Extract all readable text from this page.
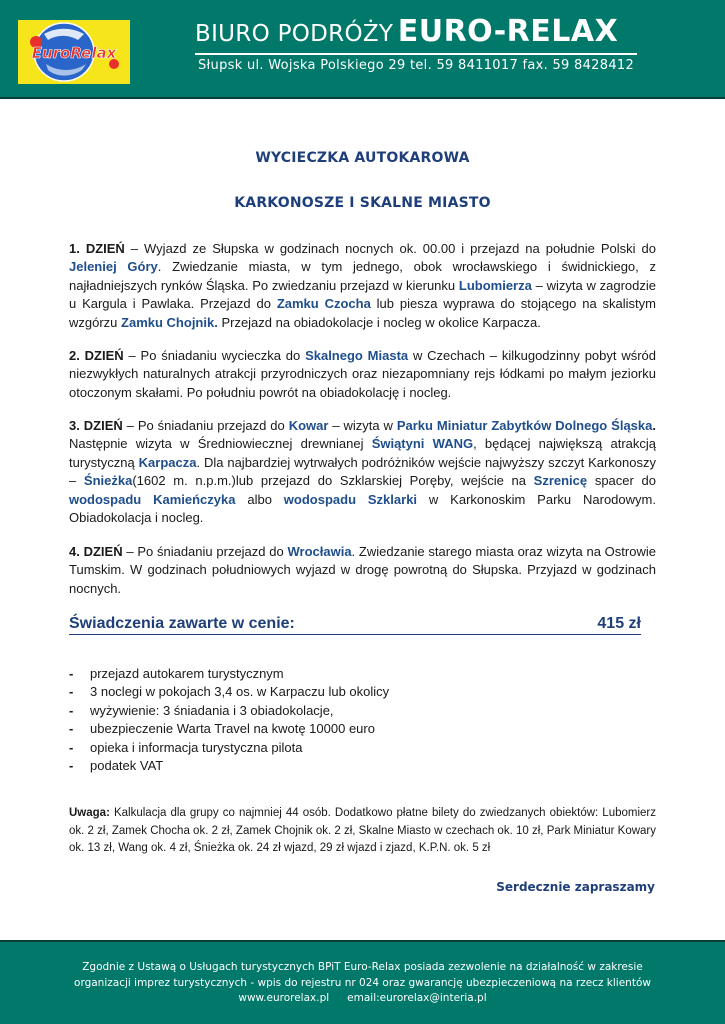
EuroRelax
BIURO PODRÓŻY EURO-RELAX
Słupsk ul. Wojska Polskiego 29 tel. 59 8411017 fax. 59 8428412
WYCIECZKA AUTOKAROWA
KARKONOSZE I SKALNE MIASTO
1. DZIEŃ – Wyjazd ze Słupska w godzinach nocnych ok. 00.00 i przejazd na południe Polski do Jeleniej Góry. Zwiedzanie miasta, w tym jednego, obok wrocławskiego i świdnickiego, z najładniejszych rynków Śląska. Po zwiedzaniu przejazd w kierunku Lubomierza – wizyta w zagrodzie u Kargula i Pawlaka. Przejazd do Zamku Czocha lub piesza wyprawa do stojącego na skalistym wzgórzu Zamku Chojnik. Przejazd na obiadokolacje i nocleg w okolice Karpacza.
2. DZIEŃ – Po śniadaniu wycieczka do Skalnego Miasta w Czechach – kilkugodzinny pobyt wśród niezwykłych naturalnych atrakcji przyrodniczych oraz niezapomniany rejs łódkami po małym jeziorku otoczonym skałami. Po południu powrót na obiadokolację i nocleg.
3. DZIEŃ – Po śniadaniu przejazd do Kowar – wizyta w Parku Miniatur Zabytków Dolnego Śląska. Następnie wizyta w Średniowiecznej drewnianej Świątyni WANG, będącej największą atrakcją turystyczną Karpacza. Dla najbardziej wytrwałych podróżników wejście najwyższy szczyt Karkonoszy – Śnieżka(1602 m. n.p.m.)lub przejazd do Szklarskiej Poręby, wejście na Szrenicę spacer do wodospadu Kamieńczyka albo wodospadu Szklarki w Karkonoskim Parku Narodowym. Obiadokolacja i nocleg.
4. DZIEŃ – Po śniadaniu przejazd do Wrocławia. Zwiedzanie starego miasta oraz wizyta na Ostrowie Tumskim. W godzinach południowych wyjazd w drogę powrotną do Słupska. Przyjazd w godzinach nocnych.
Świadczenia zawarte w cenie:	415 zł
- przejazd autokarem turystycznym
- 3 noclegi w pokojach 3,4 os. w Karpaczu lub okolicy
- wyżywienie: 3 śniadania i 3 obiadokolacje,
- ubezpieczenie Warta Travel na kwotę 10000 euro
- opieka i informacja turystyczna pilota
- podatek VAT
Uwaga: Kalkulacja dla grupy co najmniej 44 osób. Dodatkowo płatne bilety do zwiedzanych obiektów: Lubomierz ok. 2 zł, Zamek Chocha ok. 2 zł, Zamek Chojnik ok. 2 zł, Skalne Miasto w czechach ok. 10 zł, Park Miniatur Kowary ok. 13 zł, Wang ok. 4 zł, Śnieżka ok. 24 zł wjazd, 29 zł wjazd i zjazd, K.P.N. ok. 5 zł
Serdecznie zapraszamy
Zgodnie z Ustawą o Usługach turystycznych BPiT Euro-Relax posiada zezwolenie na działalność w zakresie
organizacji imprez turystycznych - wpis do rejestru nr 024 oraz gwarancję ubezpieczeniową na rzecz klientów
www.eurorelax.pl email:eurorelax@interia.pl
